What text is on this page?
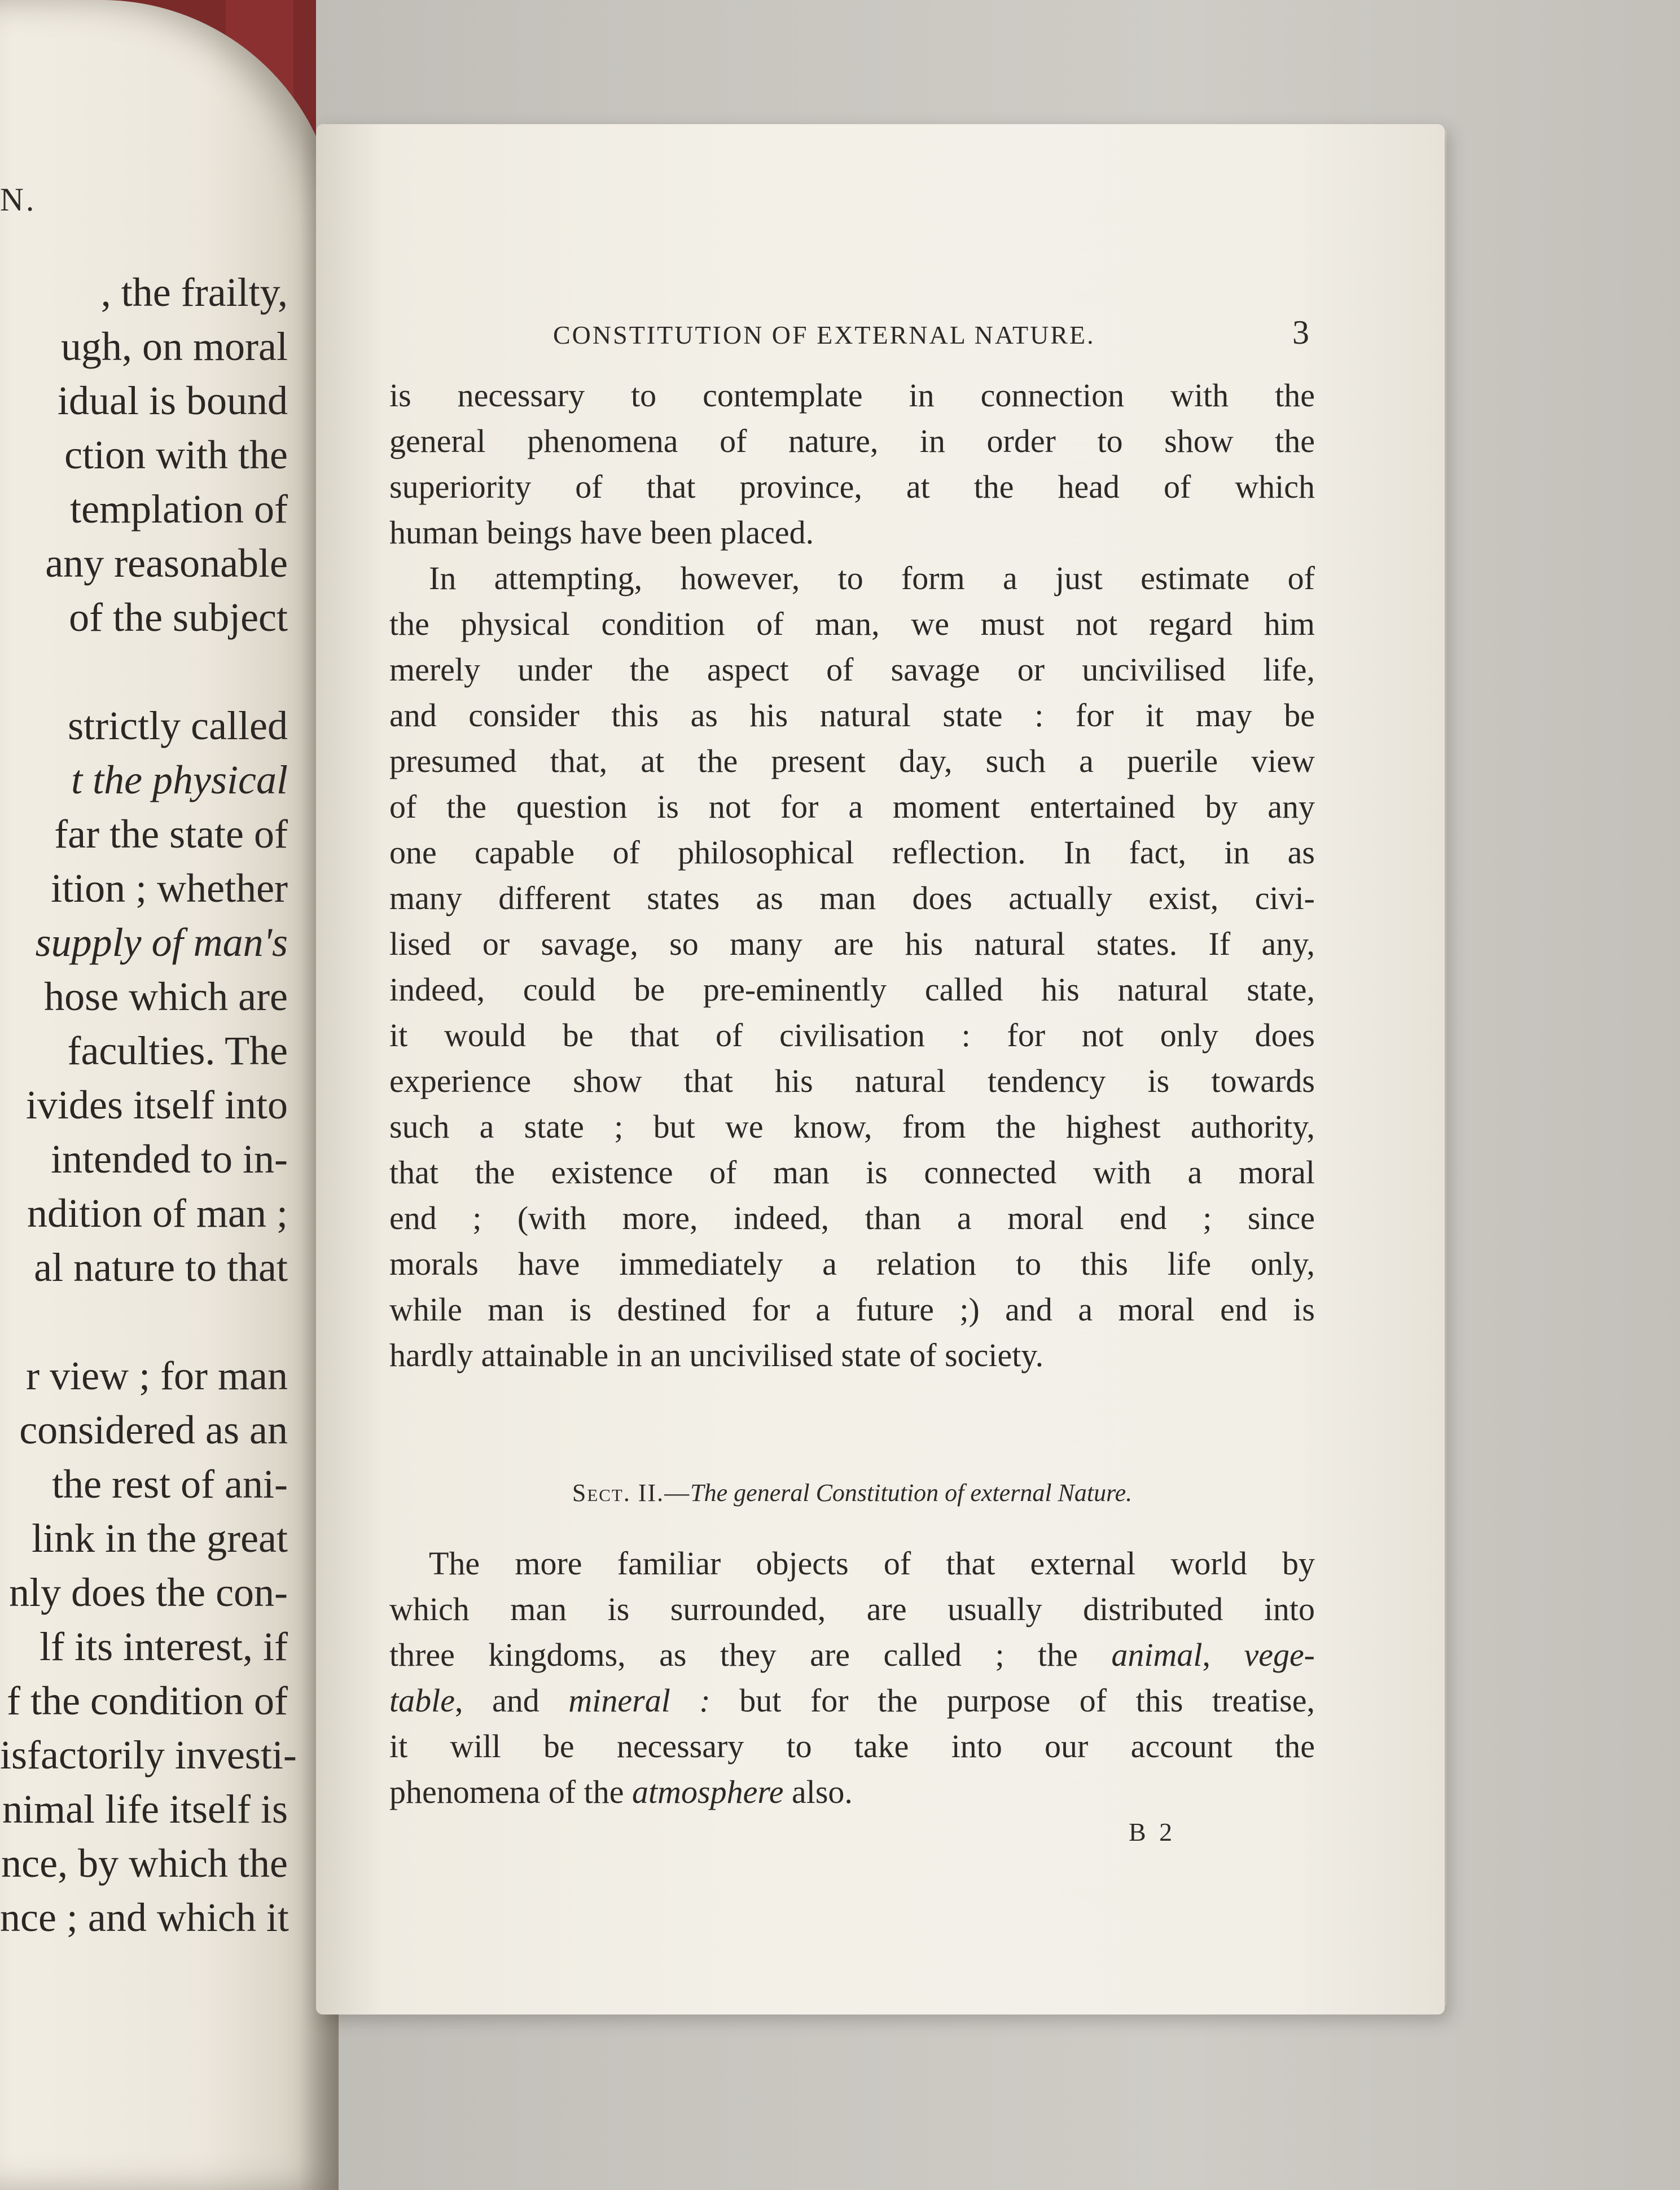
N.
, the frailty,
ugh, on moral
idual is bound
ction with the
templation of
any reasonable
of the subject

strictly called
t the physical
far the state of
ition ; whether
supply of man's
hose which are
faculties. The
ivides itself into
intended to in-
ndition of man ;
al nature to that

r view ; for man
considered as an
the rest of ani-
link in the great
nly does the con-
lf its interest, if
f the condition of
isfactorily investi-
nimal life itself is
nce, by which the
nce ; and which it
CONSTITUTION OF EXTERNAL NATURE.	3
is necessary to contemplate in connection with the
general phenomena of nature, in order to show the
superiority of that province, at the head of which
human beings have been placed.
In attempting, however, to form a just estimate of
the physical condition of man, we must not regard him
merely under the aspect of savage or uncivilised life,
and consider this as his natural state : for it may be
presumed that, at the present day, such a puerile view
of the question is not for a moment entertained by any
one capable of philosophical reflection. In fact, in as
many different states as man does actually exist, civi-
lised or savage, so many are his natural states. If any,
indeed, could be pre-eminently called his natural state,
it would be that of civilisation : for not only does
experience show that his natural tendency is towards
such a state ; but we know, from the highest authority,
that the existence of man is connected with a moral
end ; (with more, indeed, than a moral end ; since
morals have immediately a relation to this life only,
while man is destined for a future ;) and a moral end is
hardly attainable in an uncivilised state of society.
Sect. II.—The general Constitution of external Nature.
The more familiar objects of that external world by
which man is surrounded, are usually distributed into
three kingdoms, as they are called ; the animal, vege-
table, and mineral : but for the purpose of this treatise,
it will be necessary to take into our account the
phenomena of the atmosphere also.
B 2
